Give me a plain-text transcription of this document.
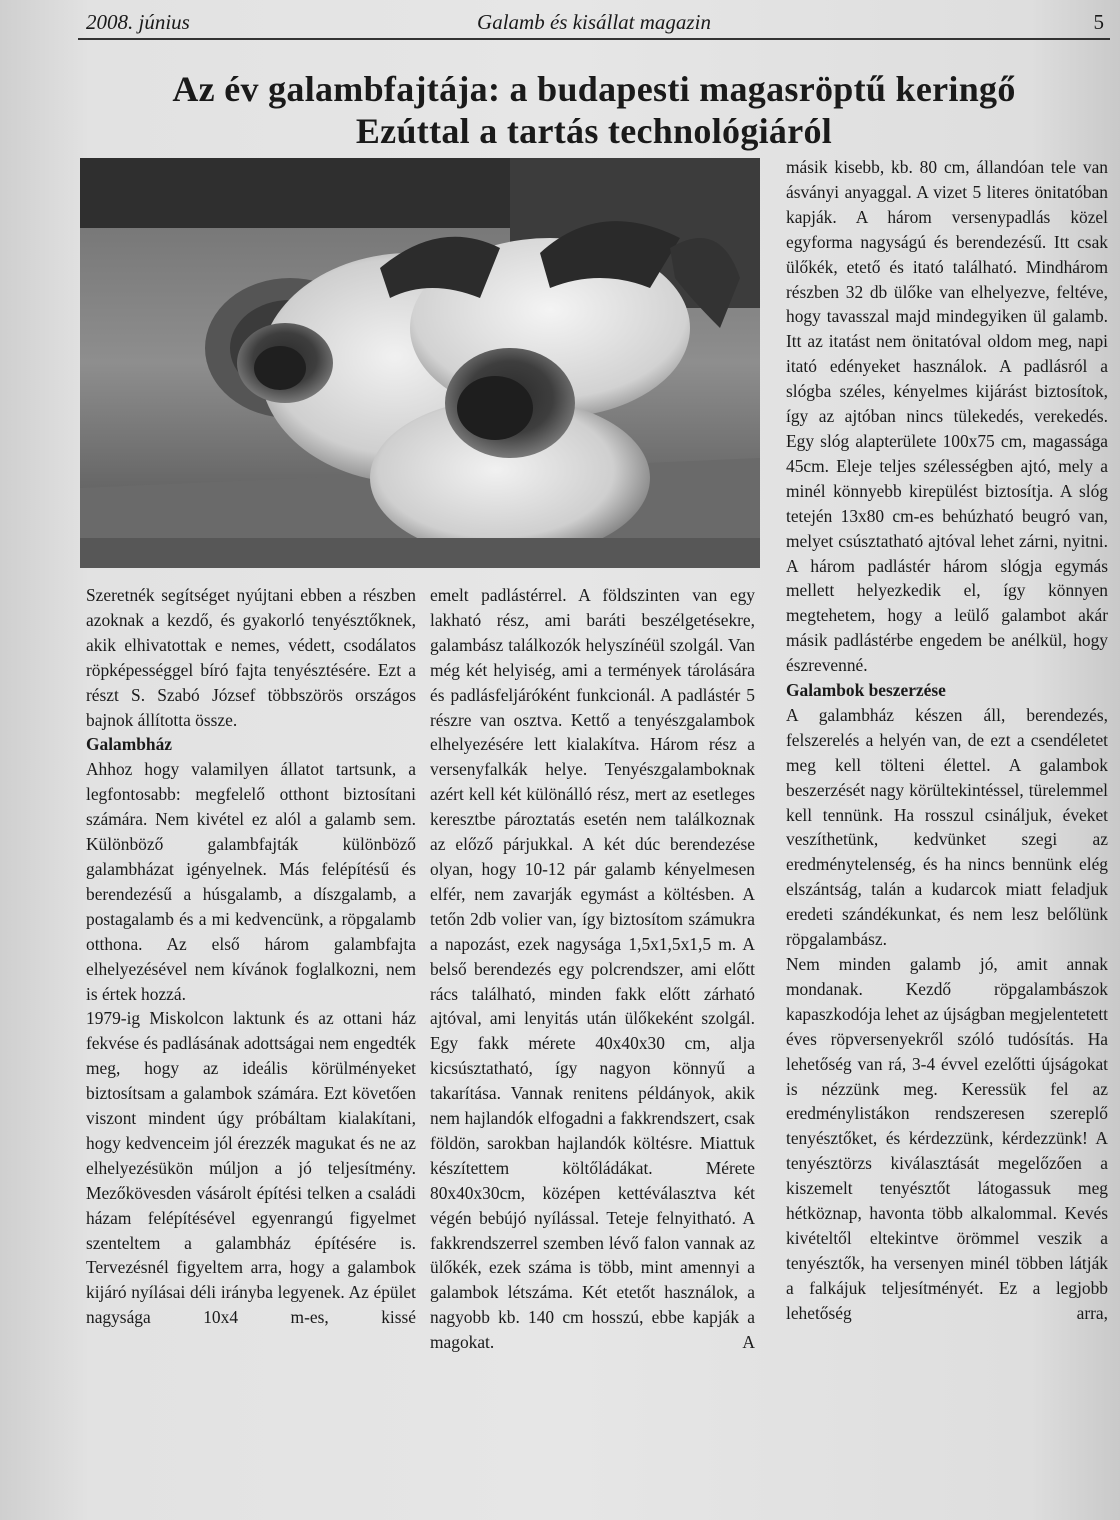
2008. június	Galamb és kisállat magazin	5
Az év galambfajtája: a budapesti magasröptű keringő
Ezúttal a tartás technológiáról

Szeretnék segítséget nyújtani ebben a részben azoknak a kezdő, és gyakorló tenyésztőknek, akik elhivatottak e nemes, védett, csodálatos röpképességgel bíró fajta tenyésztésére. Ezt a részt S. Szabó József többszörös országos bajnok állította össze.

Galambház

Ahhoz hogy valamilyen állatot tartsunk, a legfontosabb: megfelelő otthont biztosítani számára. Nem kivétel ez alól a galamb sem. Különböző galambfajták különböző galambházat igényelnek. Más felépítésű és berendezésű a húsgalamb, a díszgalamb, a postagalamb és a mi kedvencünk, a röpgalamb otthona. Az első három galambfajta elhelyezésével nem kívánok foglalkozni, nem is értek hozzá.

1979-ig Miskolcon laktunk és az ottani ház fekvése és padlásának adottságai nem engedték meg, hogy az ideális körülményeket biztosítsam a galambok számára. Ezt követően viszont mindent úgy próbáltam kialakítani, hogy kedvenceim jól érezzék magukat és ne az elhelyezésükön múljon a jó teljesítmény. Mezőkövesden vásárolt építési telken a családi házam felépítésével egyenrangú figyelmet szenteltem a galambház építésére is. Tervezésnél figyeltem arra, hogy a galambok kijáró nyílásai déli irányba legyenek. Az épület nagysága 10x4 m-es, kissé

emelt padlástérrel. A földszinten van egy lakható rész, ami baráti beszélgetésekre, galambász találkozók helyszínéül szolgál. Van még két helyiség, ami a termények tárolására és padlásfeljáróként funkcionál. A padlástér 5 részre van osztva. Kettő a tenyészgalambok elhelyezésére lett kialakítva. Három rész a versenyfalkák helye. Tenyészgalamboknak azért kell két különálló rész, mert az esetleges keresztbe pároztatás esetén nem találkoznak az előző párjukkal. A két dúc berendezése olyan, hogy 10-12 pár galamb kényelmesen elfér, nem zavarják egymást a költésben. A tetőn 2db volier van, így biztosítom számukra a napozást, ezek nagysága 1,5x1,5x1,5 m. A belső berendezés egy polcrendszer, ami előtt rács található, minden fakk előtt zárható ajtóval, ami lenyitás után ülőkeként szolgál. Egy fakk mérete 40x40x30 cm, alja kicsúsztatható, így nagyon könnyű a takarítása. Vannak renitens példányok, akik nem hajlandók elfogadni a fakkrendszert, csak földön, sarokban hajlandók költésre. Miattuk készítettem költőládákat. Mérete 80x40x30cm, középen kettéválasztva két végén bebújó nyílással. Teteje felnyitható. A fakkrendszerrel szemben lévő falon vannak az ülőkék, ezek száma is több, mint amennyi a galambok létszáma. Két etetőt használok, a nagyobb kb. 140 cm hosszú, ebbe kapják a magokat. A

másik kisebb, kb. 80 cm, állandóan tele van ásványi anyaggal. A vizet 5 literes önitatóban kapják. A három versenypadlás közel egyforma nagyságú és berendezésű. Itt csak ülőkék, etető és itató található. Mindhárom részben 32 db ülőke van elhelyezve, feltéve, hogy tavasszal majd mindegyiken ül galamb. Itt az itatást nem önitatóval oldom meg, napi itató edényeket használok. A padlásról a slógba széles, kényelmes kijárást biztosítok, így az ajtóban nincs tülekedés, verekedés. Egy slóg alapterülete 100x75 cm, magassága 45cm. Eleje teljes szélességben ajtó, mely a minél könnyebb kirepülést biztosítja. A slóg tetején 13x80 cm-es behúzható beugró van, melyet csúsztatható ajtóval lehet zárni, nyitni. A három padlástér három slógja egymás mellett helyezkedik el, így könnyen megtehetem, hogy a leülő galambot akár másik padlástérbe engedem be anélkül, hogy észrevenné.

Galambok beszerzése

A galambház készen áll, berendezés, felszerelés a helyén van, de ezt a csendéletet meg kell tölteni élettel. A galambok beszerzését nagy körültekintéssel, türelemmel kell tennünk. Ha rosszul csináljuk, éveket veszíthetünk, kedvünket szegi az eredménytelenség, és ha nincs bennünk elég elszántság, talán a kudarcok miatt feladjuk eredeti szándékunkat, és nem lesz belőlünk röpgalambász.

Nem minden galamb jó, amit annak mondanak. Kezdő röpgalambászok kapaszkodója lehet az újságban megjelentetett éves röpversenyekről szóló tudósítás. Ha lehetőség van rá, 3-4 évvel ezelőtti újságokat is nézzünk meg. Keressük fel az eredménylistákon rendszeresen szereplő tenyésztőket, és kérdezzünk, kérdezzünk! A tenyésztörzs kiválasztását megelőzően a kiszemelt tenyésztőt látogassuk meg hétköznap, havonta több alkalommal. Kevés kivételtől eltekintve örömmel veszik a tenyésztők, ha versenyen minél többen látják a falkájuk teljesítményét. Ez a legjobb lehetőség arra,
